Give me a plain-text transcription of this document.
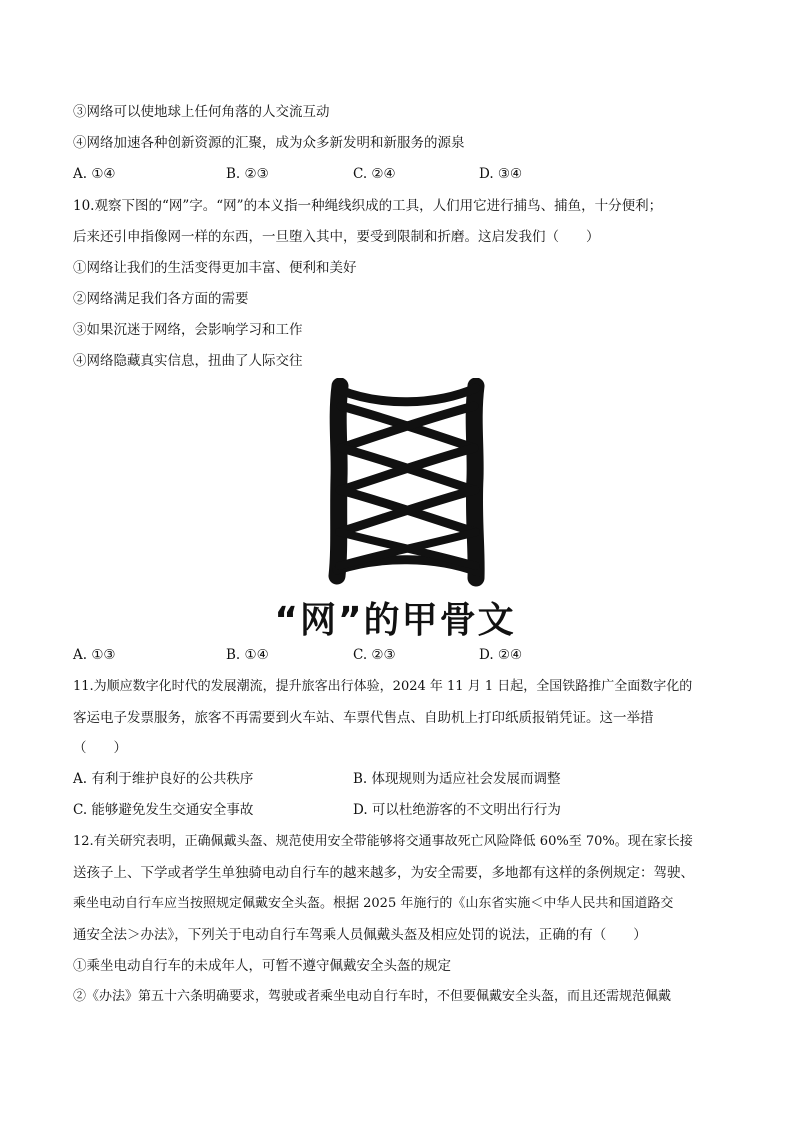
③网络可以使地球上任何角落的人交流互动
④网络加速各种创新资源的汇聚，成为众多新发明和新服务的源泉
A. ①④	B. ②③	C. ②④	D. ③④
10.观察下图的“网”字。“网”的本义指一种绳线织成的工具，人们用它进行捕鸟、捕鱼，十分便利；
后来还引申指像网一样的东西，一旦堕入其中，要受到限制和折磨。这启发我们（　　）
①网络让我们的生活变得更加丰富、便利和美好
②网络满足我们各方面的需要
③如果沉迷于网络，会影响学习和工作
④网络隐藏真实信息，扭曲了人际交往
“网”的甲骨文
A. ①③	B. ①④	C. ②③	D. ②④
11.为顺应数字化时代的发展潮流，提升旅客出行体验，2024 年 11 月 1 日起，全国铁路推广全面数字化的
客运电子发票服务，旅客不再需要到火车站、车票代售点、自助机上打印纸质报销凭证。这一举措
（　　）
A. 有利于维护良好的公共秩序	B. 体现规则为适应社会发展而调整
C. 能够避免发生交通安全事故	D. 可以杜绝游客的不文明出行行为
12.有关研究表明，正确佩戴头盔、规范使用安全带能够将交通事故死亡风险降低 60%至 70%。现在家长接
送孩子上、下学或者学生单独骑电动自行车的越来越多，为安全需要，多地都有这样的条例规定：驾驶、
乘坐电动自行车应当按照规定佩戴安全头盔。根据 2025 年施行的《山东省实施＜中华人民共和国道路交
通安全法＞办法》，下列关于电动自行车驾乘人员佩戴头盔及相应处罚的说法，正确的有（　　）
①乘坐电动自行车的未成年人，可暂不遵守佩戴安全头盔的规定
②《办法》第五十六条明确要求，驾驶或者乘坐电动自行车时，不但要佩戴安全头盔，而且还需规范佩戴
